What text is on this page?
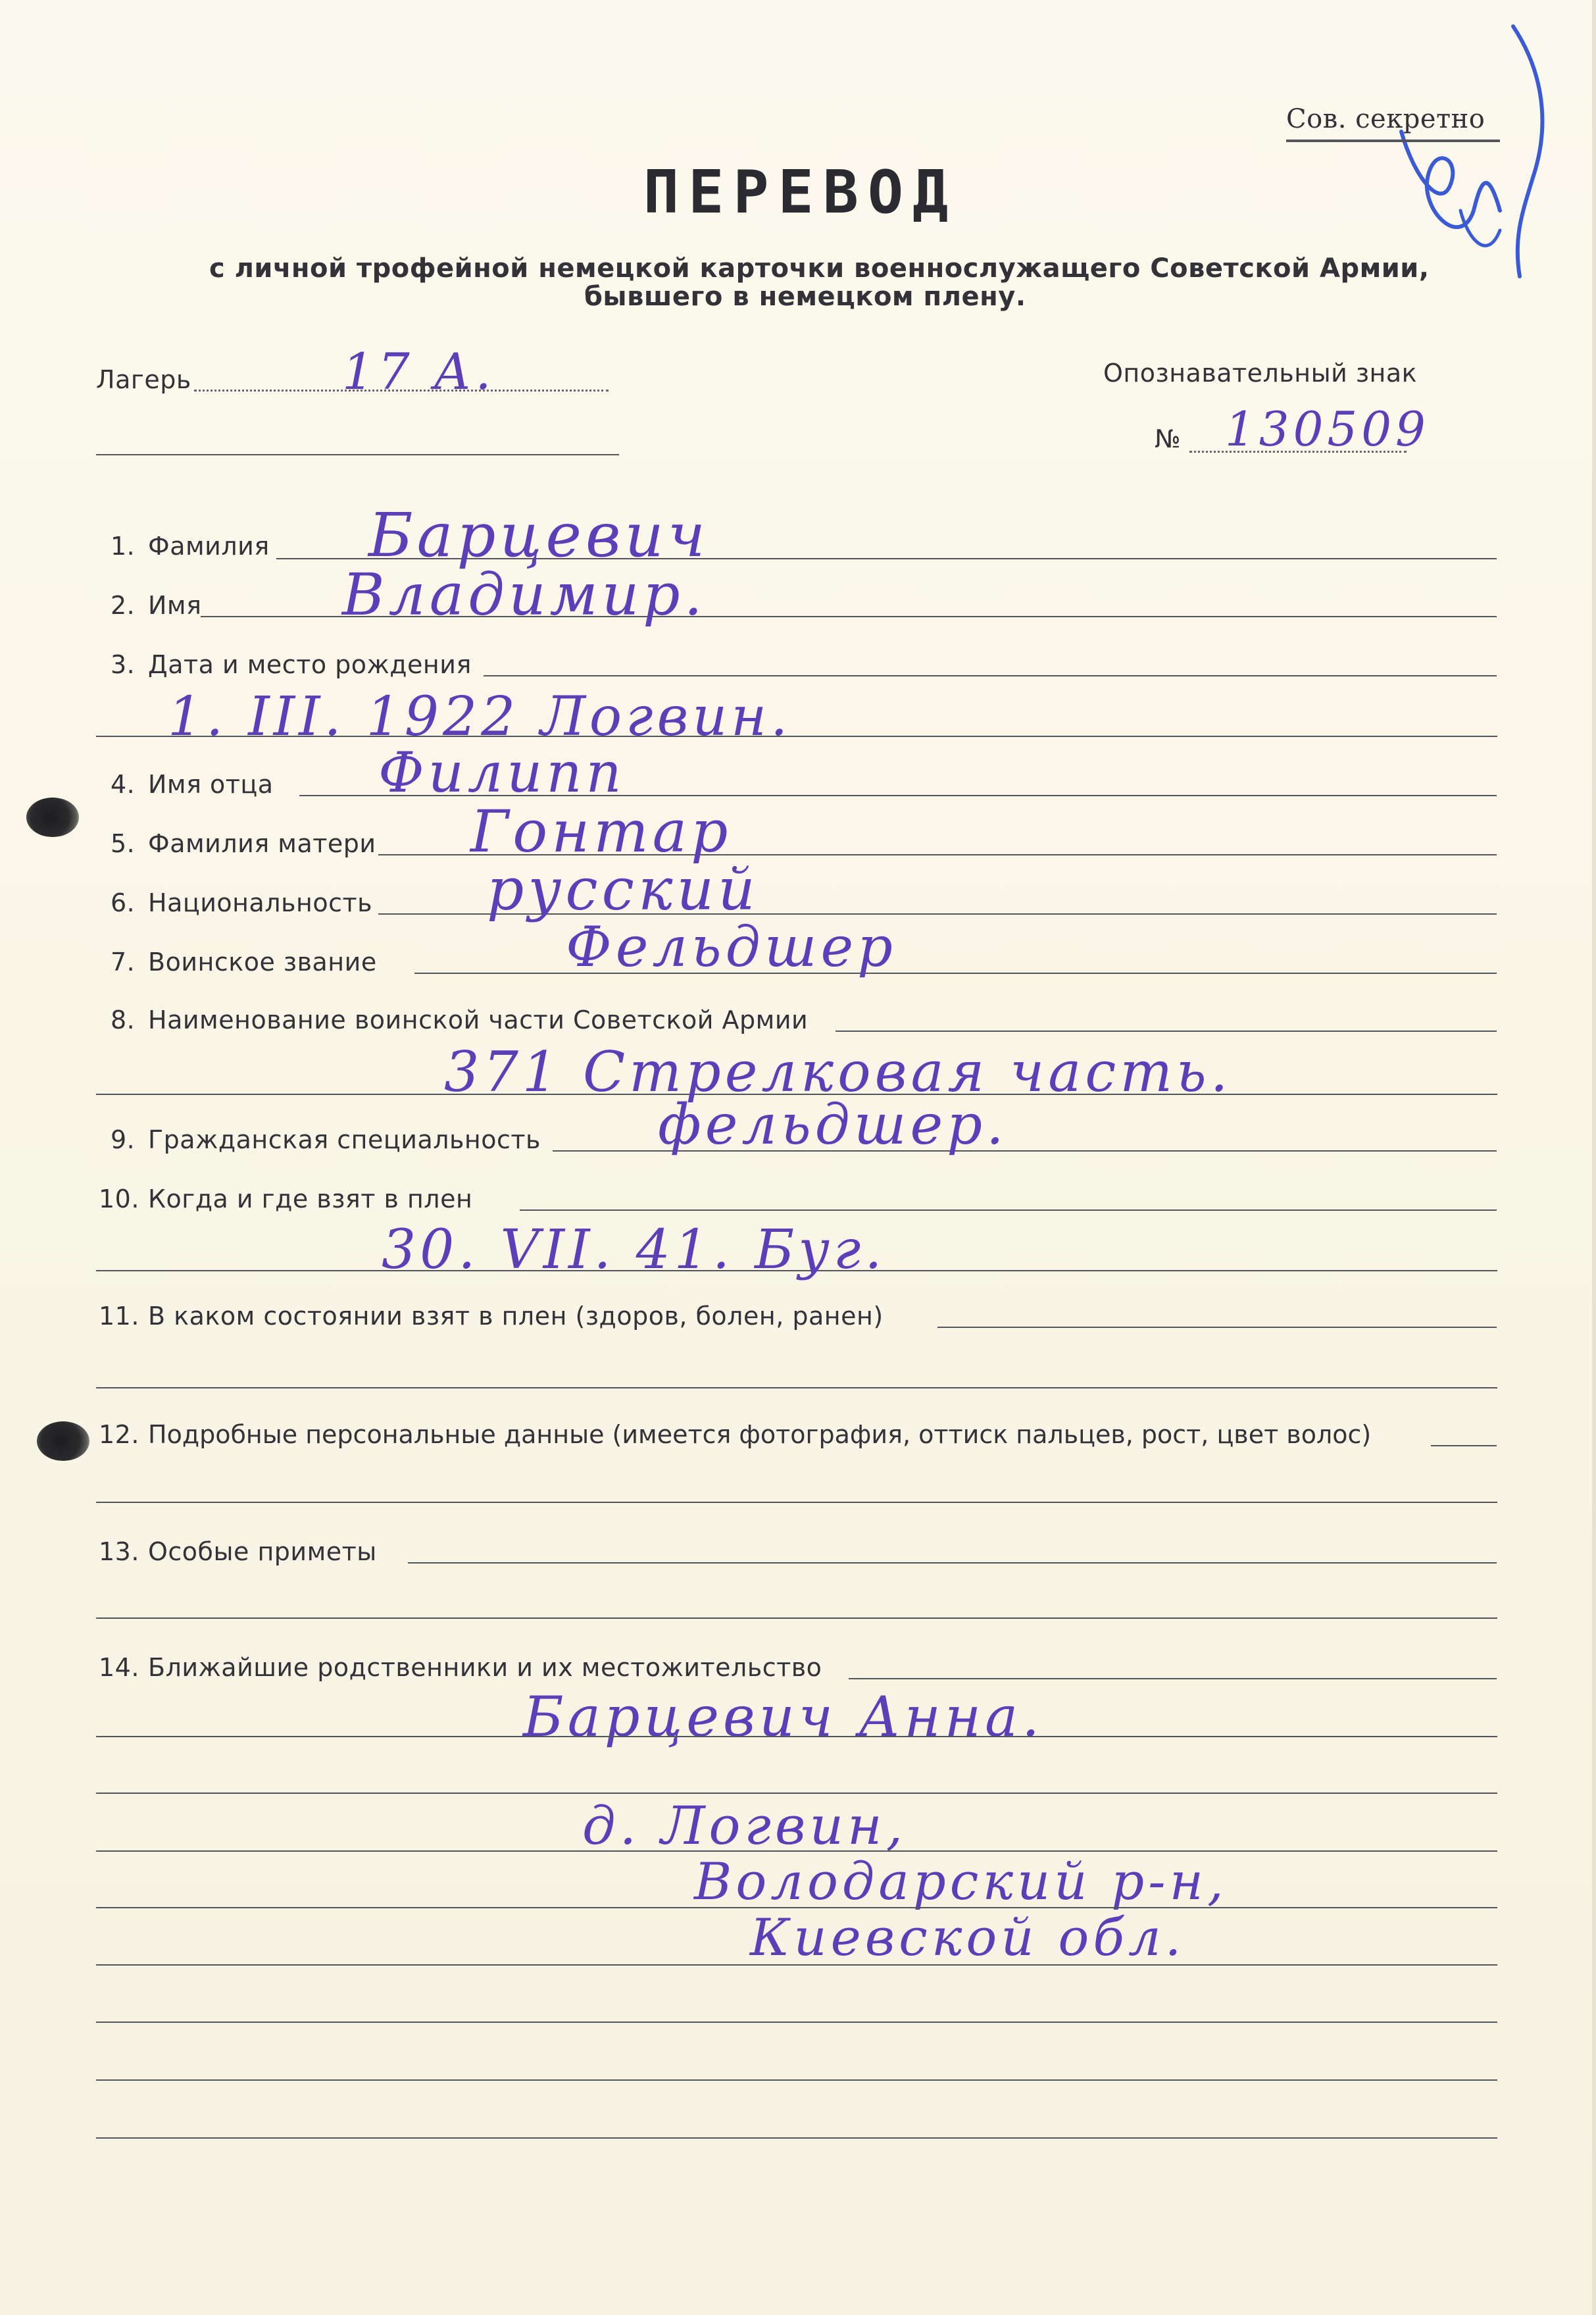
Сов. секретно
ПЕРЕВОД
с личной трофейной немецкой карточки военнослужащего Советской Армии,
бывшего в немецком плену.
Лагерь	17 А.	Опознавательный знак
№ 130509
1. Фамилия Барцевич
2. Имя Владимир.
3. Дата и место рождения
1. III. 1922 Логвин.
4. Имя отца Филипп
5. Фамилия матери Гонтар
6. Национальность русский
7. Воинское звание	Фельдшер
8. Наименование воинской части Советской Армии
371 Стрелковая часть.
9. Гражданская специальность фельдшер.
10. Когда и где взят в плен
30. VII. 41. Буг.
11. В каком состоянии взят в плен (здоров, болен, ранен)
12. Подробные персональные данные (имеется фотография, оттиск пальцев, рост, цвет волос)
13. Особые приметы
14. Ближайшие родственники и их местожительство
Барцевич Анна.
д. Логвин,
Володарский р-н,
Киевской обл.
